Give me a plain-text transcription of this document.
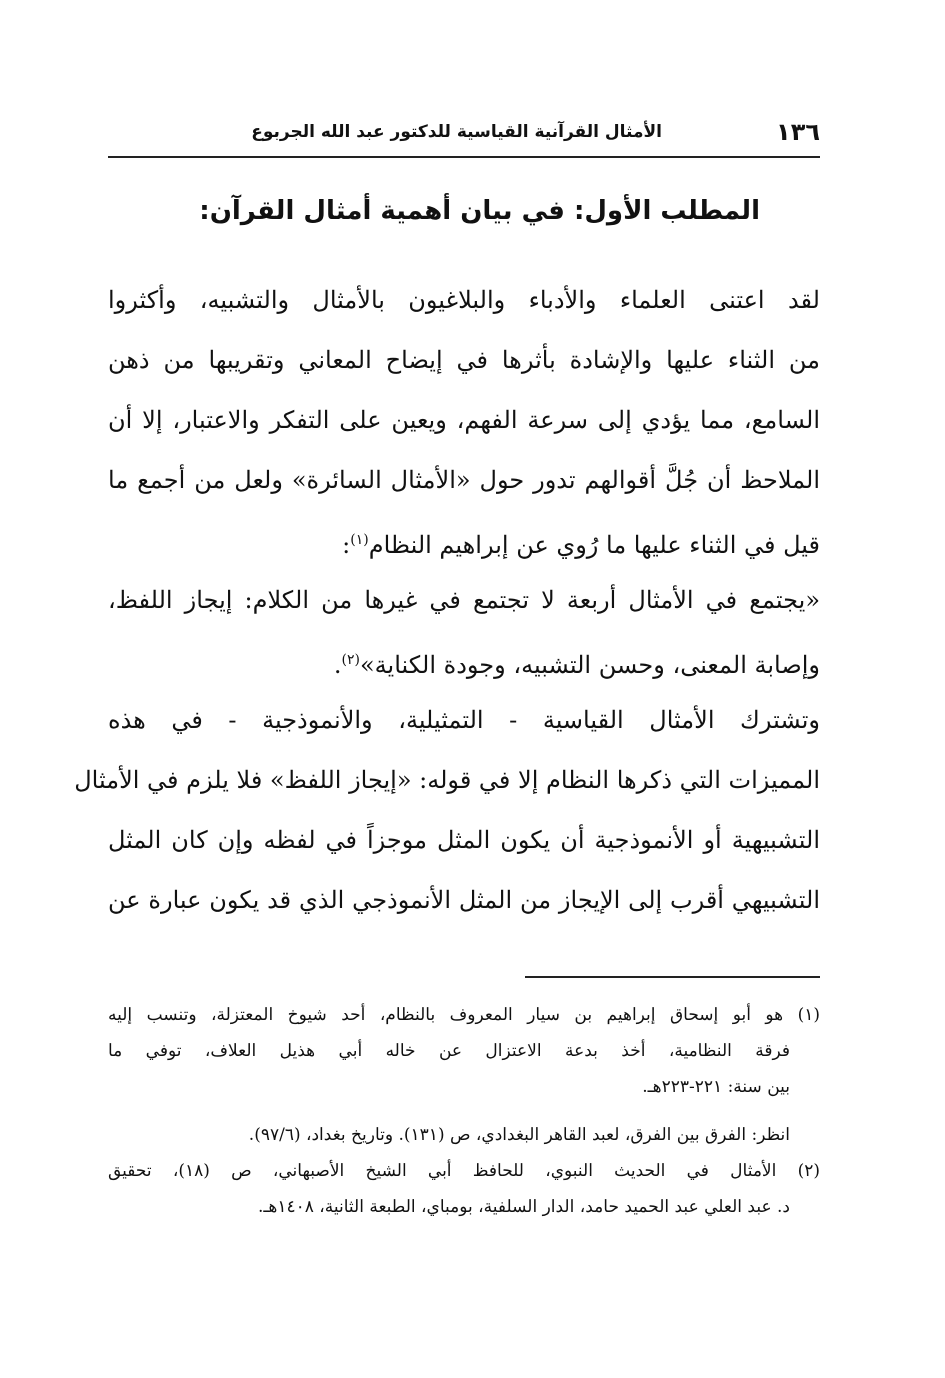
١٣٦
الأمثال القرآنية القياسية للدكتور عبد الله الجربوع
المطلب الأول: في بيان أهمية أمثال القرآن:
لقد اعتنى العلماء والأدباء والبلاغيون بالأمثال والتشبيه، وأكثروا
من الثناء عليها والإشادة بأثرها في إيضاح المعاني وتقريبها من ذهن
السامع، مما يؤدي إلى سرعة الفهم، ويعين على التفكر والاعتبار، إلا أن
الملاحظ أن جُلَّ أقوالهم تدور حول «الأمثال السائرة» ولعل من أجمع ما
قيل في الثناء عليها ما رُوي عن إبراهيم النظام$^{(١)}$:
«يجتمع في الأمثال أربعة لا تجتمع في غيرها من الكلام: إيجاز اللفظ،
وإصابة المعنى، وحسن التشبيه، وجودة الكناية»$^{(٢)}$.
وتشترك الأمثال القياسية - التمثيلية، والأنموذجية - في هذه
المميزات التي ذكرها النظام إلا في قوله: «إيجاز اللفظ» فلا يلزم في الأمثال
التشبيهية أو الأنموذجية أن يكون المثل موجزاً في لفظه وإن كان المثل
التشبيهي أقرب إلى الإيجاز من المثل الأنموذجي الذي قد يكون عبارة عن
(١) هو أبو إسحاق إبراهيم بن سيار المعروف بالنظام، أحد شيوخ المعتزلة، وتنسب إليه
فرقة النظامية، أخذ بدعة الاعتزال عن خاله أبي هذيل العلاف، توفي ما
بين سنة: ٢٢١-٢٢٣هـ.
انظر: الفرق بين الفرق، لعبد القاهر البغدادي، ص (١٣١). وتاريخ بغداد، (٩٧/٦).
(٢) الأمثال في الحديث النبوي، للحافظ أبي الشيخ الأصبهاني، ص (١٨)، تحقيق
د. عبد العلي عبد الحميد حامد، الدار السلفية، بومباي، الطبعة الثانية، ١٤٠٨هـ.
